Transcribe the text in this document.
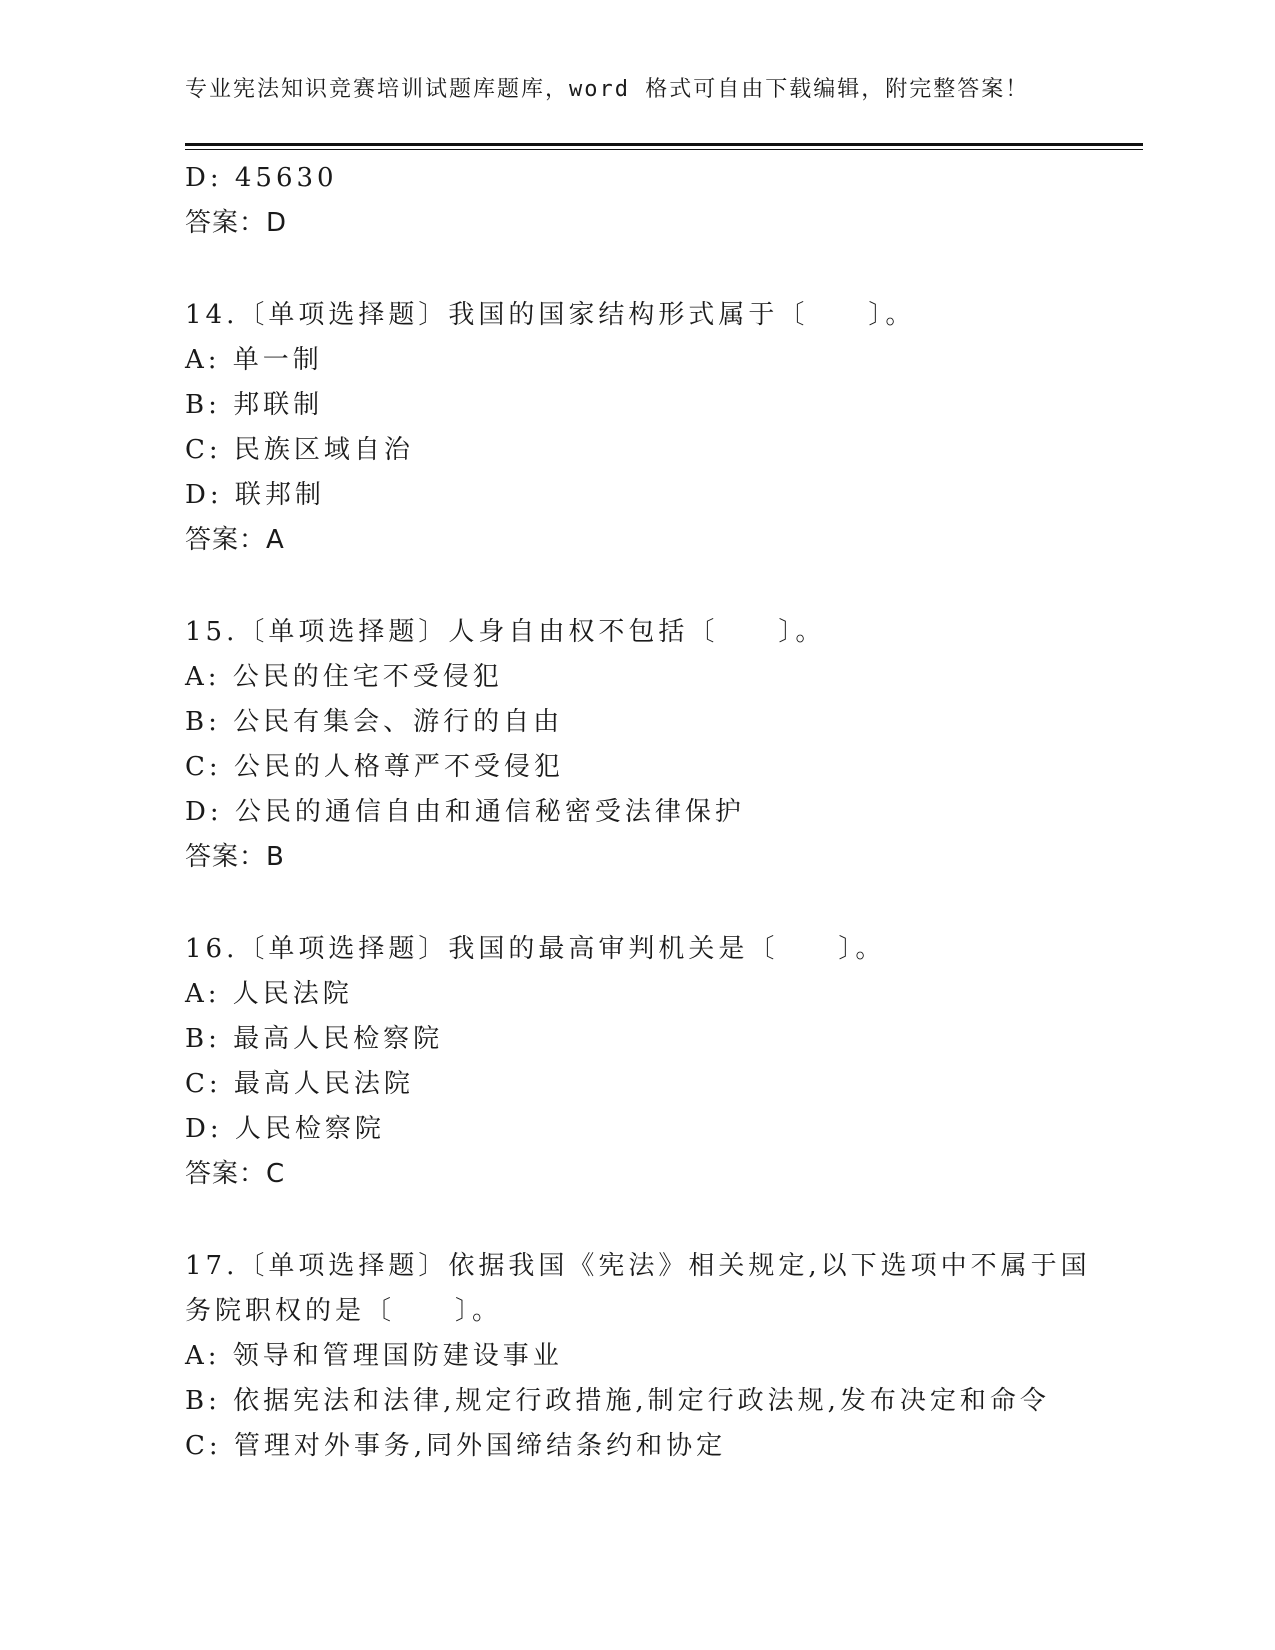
专业宪法知识竞赛培训试题库题库，word 格式可自由下载编辑，附完整答案！
D: 45630
答案：D
14.〔单项选择题〕我国的国家结构形式属于〔　　〕。
A: 单一制
B: 邦联制
C: 民族区域自治
D: 联邦制
答案：A
15.〔单项选择题〕人身自由权不包括〔　　〕。
A: 公民的住宅不受侵犯
B: 公民有集会、游行的自由
C: 公民的人格尊严不受侵犯
D: 公民的通信自由和通信秘密受法律保护
答案：B
16.〔单项选择题〕我国的最高审判机关是〔　　〕。
A: 人民法院
B: 最高人民检察院
C: 最高人民法院
D: 人民检察院
答案：C
17.〔单项选择题〕依据我国《宪法》相关规定,以下选项中不属于国
务院职权的是〔　　〕。
A: 领导和管理国防建设事业
B: 依据宪法和法律,规定行政措施,制定行政法规,发布决定和命令
C: 管理对外事务,同外国缔结条约和协定
